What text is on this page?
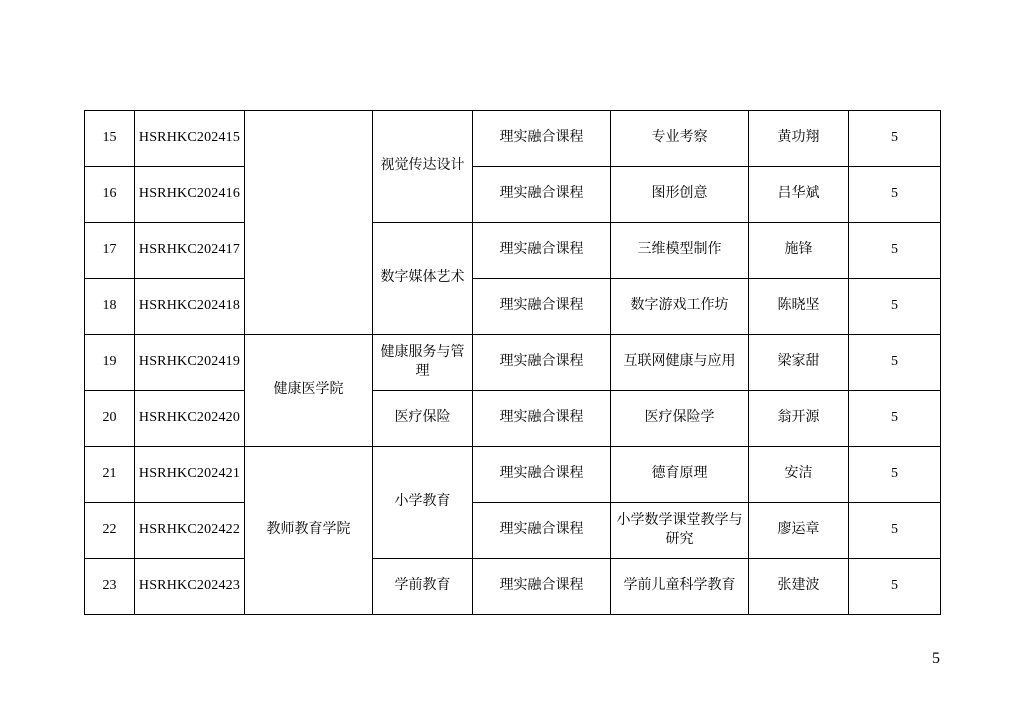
15	HSRHKC202415		视觉传达设计	理实融合课程	专业考察	黄功翔	5
16	HSRHKC202416			理实融合课程	图形创意	吕华斌	5
17	HSRHKC202417		数字媒体艺术	理实融合课程	三维模型制作	施锋	5
18	HSRHKC202418			理实融合课程	数字游戏工作坊	陈晓坚	5
19	HSRHKC202419	健康医学院	健康服务与管理	理实融合课程	互联网健康与应用	梁家甜	5
20	HSRHKC202420		医疗保险	理实融合课程	医疗保险学	翁开源	5
21	HSRHKC202421	教师教育学院	小学教育	理实融合课程	德育原理	安洁	5
22	HSRHKC202422			理实融合课程	小学数学课堂教学与研究	廖运章	5
23	HSRHKC202423		学前教育	理实融合课程	学前儿童科学教育	张建波	5
5
